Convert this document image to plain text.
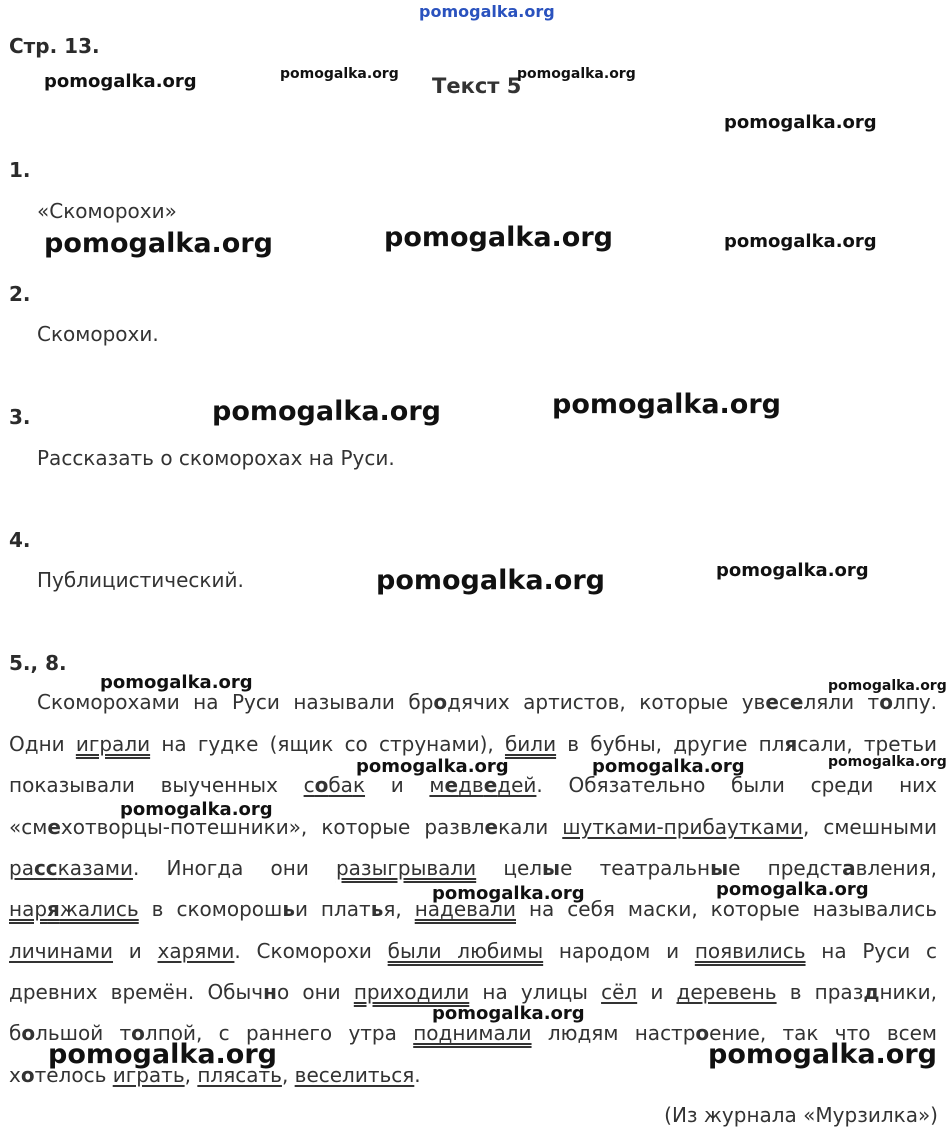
pomogalka.org
Стр. 13.
Текст 5
pomogalka.org	pomogalka.org	pomogalka.org
pomogalka.org
1.
«Скоморохи»
pomogalka.org	pomogalka.org	pomogalka.org
2.
Скоморохи.
3.	pomogalka.org	pomogalka.org
Рассказать о скоморохах на Руси.
4.
Публицистический.	pomogalka.org	pomogalka.org
5., 8.
Скоморохами на Руси называли бродячих артистов, которые увеселяли толпу.
Одни играли на гудке (ящик со струнами), били в бубны, другие плясали, третьи
показывали выученных собак и медведей. Обязательно были среди них
«смехотворцы-потешники», которые развлекали шутками-прибаутками, смешными
рассказами. Иногда они разыгрывали целые театральные представления,
наряжались в скоморошьи платья, надевали на себя маски, которые назывались
личинами и харями. Скоморохи были любимы народом и появились на Руси с
древних времён. Обычно они приходили на улицы сёл и деревень в праздники,
большой толпой, с раннего утра поднимали людям настроение, так что всем
хотелось играть, плясать, веселиться.
(Из журнала «Мурзилка»)
pomogalka.org	pomogalka.org
pomogalka.org	pomogalka.org	pomogalka.org
pomogalka.org
pomogalka.org	pomogalka.org
pomogalka.org
pomogalka.org	pomogalka.org
